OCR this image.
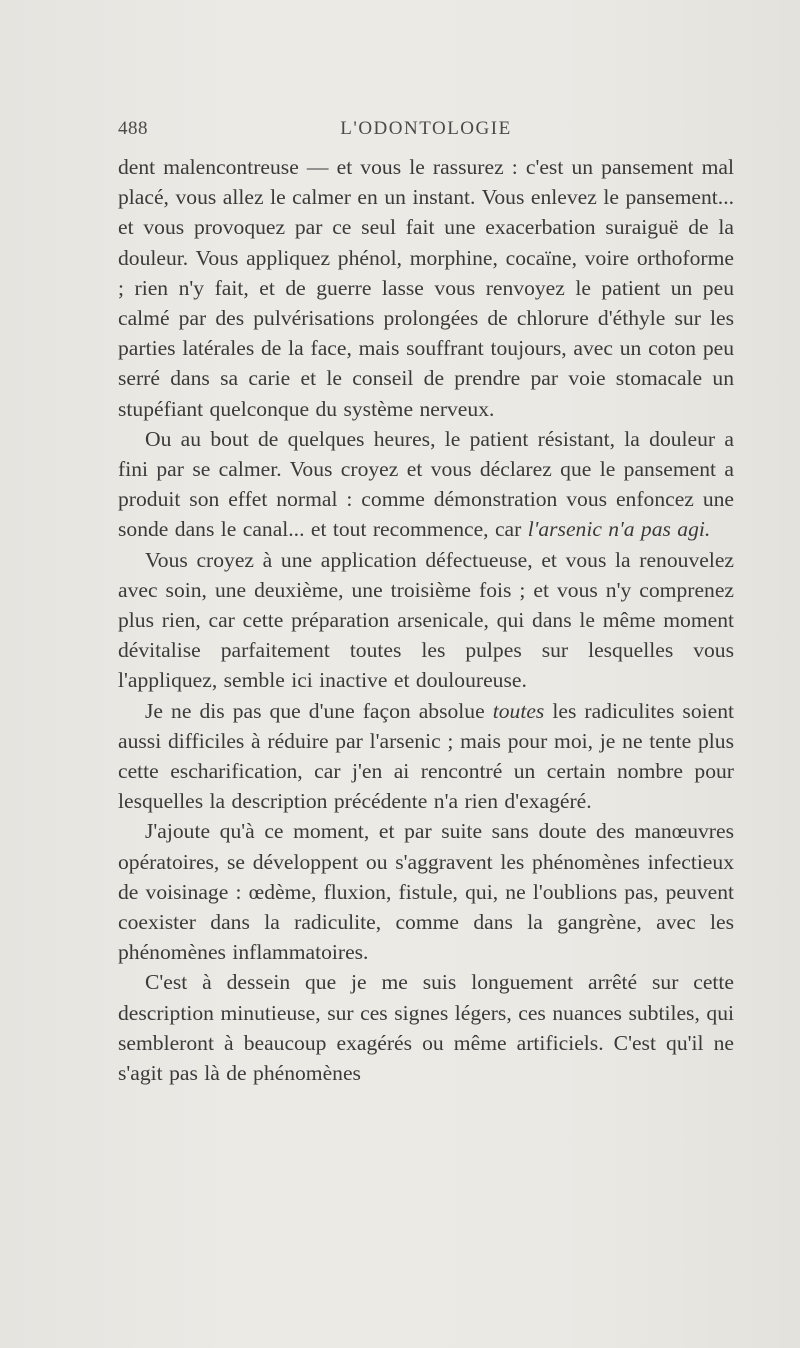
488	L'ODONTOLOGIE

dent malencontreuse — et vous le rassurez : c'est un pansement mal placé, vous allez le calmer en un instant. Vous enlevez le pansement... et vous provoquez par ce seul fait une exacerbation suraiguë de la douleur. Vous appliquez phénol, morphine, cocaïne, voire orthoforme ; rien n'y fait, et de guerre lasse vous renvoyez le patient un peu calmé par des pulvérisations prolongées de chlorure d'éthyle sur les parties latérales de la face, mais souffrant toujours, avec un coton peu serré dans sa carie et le conseil de prendre par voie stomacale un stupéfiant quelconque du système nerveux.

Ou au bout de quelques heures, le patient résistant, la douleur a fini par se calmer. Vous croyez et vous déclarez que le pansement a produit son effet normal : comme démonstration vous enfoncez une sonde dans le canal... et tout recommence, car l'arsenic n'a pas agi.

Vous croyez à une application défectueuse, et vous la renouvelez avec soin, une deuxième, une troisième fois ; et vous n'y comprenez plus rien, car cette préparation arsenicale, qui dans le même moment dévitalise parfaitement toutes les pulpes sur lesquelles vous l'appliquez, semble ici inactive et douloureuse.

Je ne dis pas que d'une façon absolue toutes les radiculites soient aussi difficiles à réduire par l'arsenic ; mais pour moi, je ne tente plus cette escharification, car j'en ai rencontré un certain nombre pour lesquelles la description précédente n'a rien d'exagéré.

J'ajoute qu'à ce moment, et par suite sans doute des manœuvres opératoires, se développent ou s'aggravent les phénomènes infectieux de voisinage : œdème, fluxion, fistule, qui, ne l'oublions pas, peuvent coexister dans la radiculite, comme dans la gangrène, avec les phénomènes inflammatoires.

C'est à dessein que je me suis longuement arrêté sur cette description minutieuse, sur ces signes légers, ces nuances subtiles, qui sembleront à beaucoup exagérés ou même artificiels. C'est qu'il ne s'agit pas là de phénomènes
